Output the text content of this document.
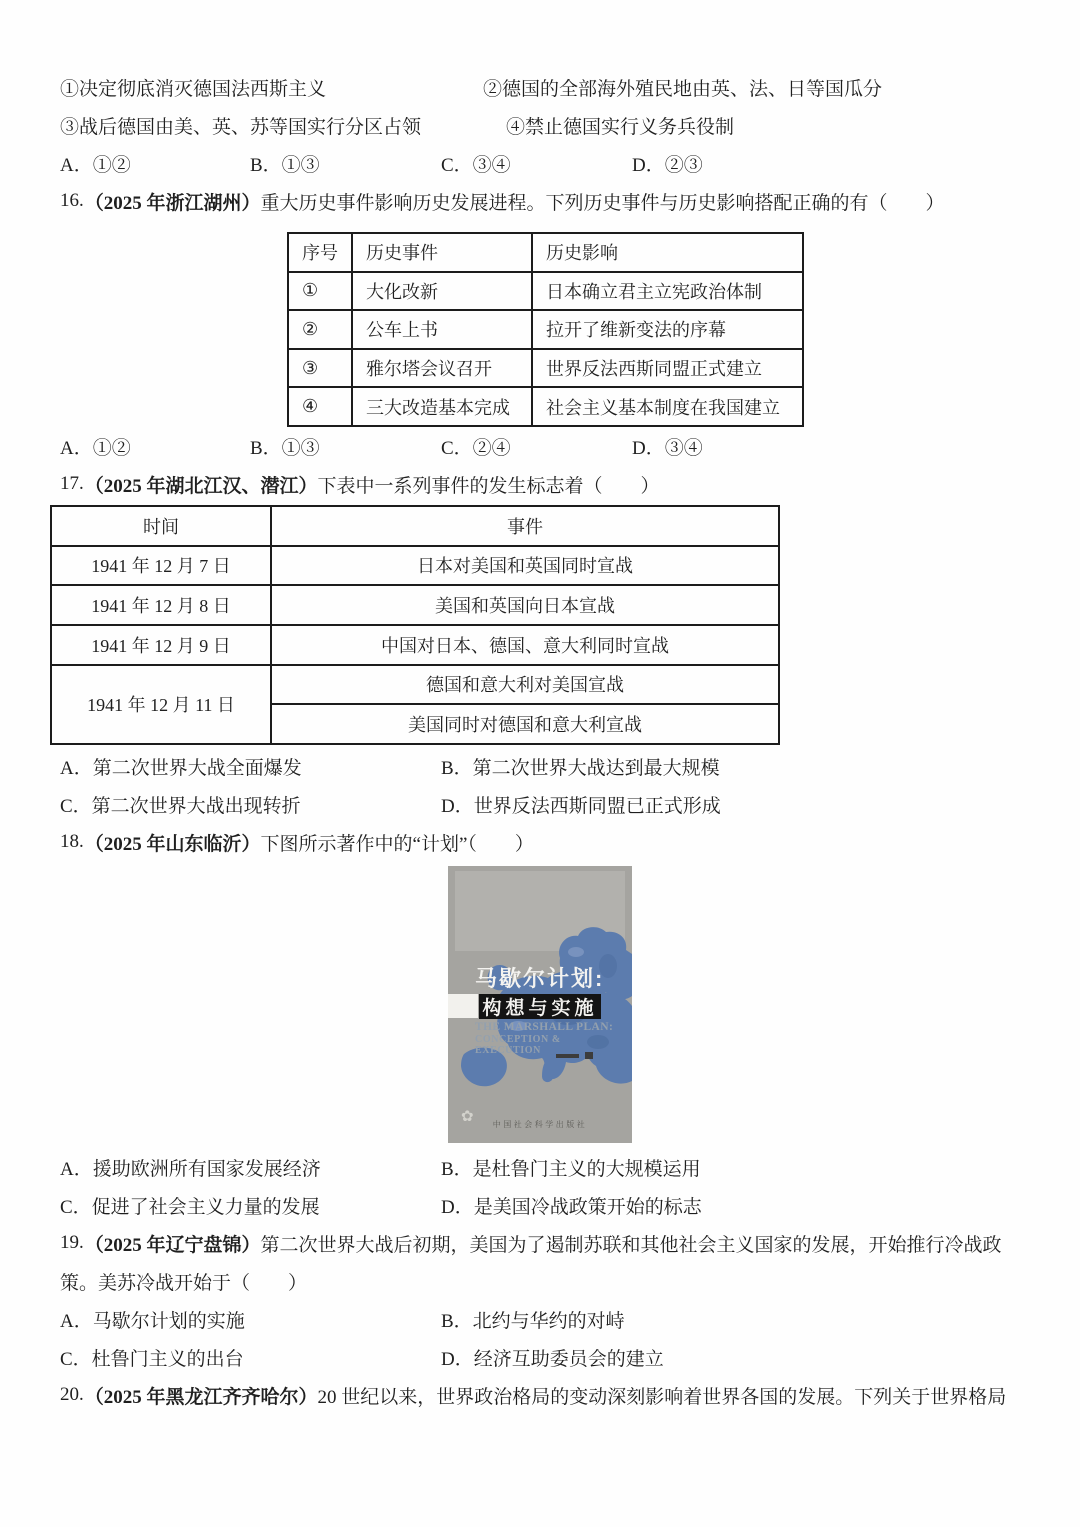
①决定彻底消灭德国法西斯主义	②德国的全部海外殖民地由英、法、日等国瓜分
③战后德国由美、英、苏等国实行分区占领	④禁止德国实行义务兵役制
A．①②	B．①③	C．③④	D．②③
16. （2025 年浙江湖州） 重大历史事件影响历史发展进程。下列历史事件与历史影响搭配正确的有（　　）
序号	历史事件	历史影响
①	大化改新	日本确立君主立宪政治体制
②	公车上书	拉开了维新变法的序幕
③	雅尔塔会议召开	世界反法西斯同盟正式建立
④	三大改造基本完成	社会主义基本制度在我国建立
A．①②	B．①③	C．②④	D．③④
17. （2025 年湖北江汉、潜江） 下表中一系列事件的发生标志着（　　）
时间	事件
1941 年 12 月 7 日	日本对美国和英国同时宣战
1941 年 12 月 8 日	美国和英国向日本宣战
1941 年 12 月 9 日	中国对日本、德国、意大利同时宣战
1941 年 12 月 11 日	德国和意大利对美国宣战
	美国同时对德国和意大利宣战
A．第二次世界大战全面爆发	B．第二次世界大战达到最大规模
C．第二次世界大战出现转折	D．世界反法西斯同盟已正式形成
18. （2025 年山东临沂） 下图所示著作中的“计划”（　　）
马歇尔计划:
构想与实施
THE MARSHALL PLAN:
CONCEPTION & EXECUTION
✿ 中国社会科学出版社
A．援助欧洲所有国家发展经济	B．是杜鲁门主义的大规模运用
C．促进了社会主义力量的发展	D．是美国冷战政策开始的标志
19. （2025 年辽宁盘锦） 第二次世界大战后初期，美国为了遏制苏联和其他社会主义国家的发展，开始推行冷战政
策。美苏冷战开始于（　　）
A．马歇尔计划的实施	B．北约与华约的对峙
C．杜鲁门主义的出台	D．经济互助委员会的建立
20. （2025 年黑龙江齐齐哈尔） 20 世纪以来，世界政治格局的变动深刻影响着世界各国的发展。下列关于世界格局
